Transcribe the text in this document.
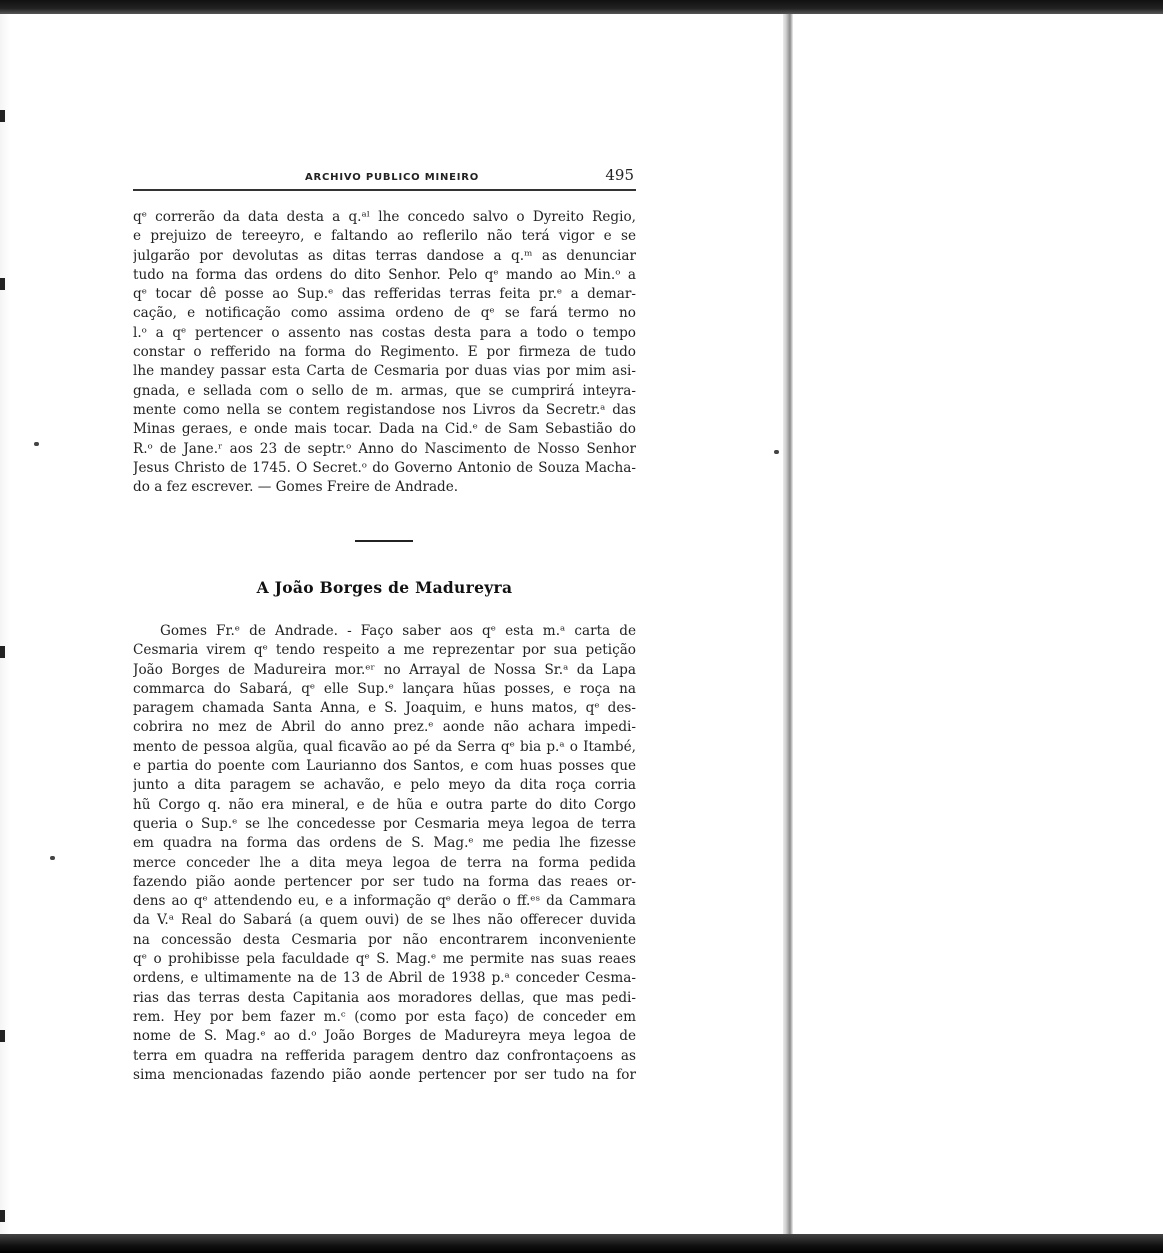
ARCHIVO PUBLICO MINEIRO	495
qᵉ correrão da data desta a q.ᵃˡ lhe concedo salvo o Dyreito Regio,
e prejuizo de tereeyro, e faltando ao reflerilo não terá vigor e se
julgarão por devolutas as ditas terras dandose a q.ᵐ as denunciar
tudo na forma das ordens do dito Senhor. Pelo qᵉ mando ao Min.ᵒ a
qᵉ tocar dê posse ao Sup.ᵉ das refferidas terras feita pr.ᵉ a demar-
cação, e notificação como assima ordeno de qᵉ se fará termo no
l.ᵒ a qᵉ pertencer o assento nas costas desta para a todo o tempo
constar o refferido na forma do Regimento. E por firmeza de tudo
lhe mandey passar esta Carta de Cesmaria por duas vias por mim asi-
gnada, e sellada com o sello de m. armas, que se cumprirá inteyra-
mente como nella se contem registandose nos Livros da Secretr.ᵃ das
Minas geraes, e onde mais tocar. Dada na Cid.ᵉ de Sam Sebastião do
R.ᵒ de Jane.ʳ aos 23 de septr.ᵒ Anno do Nascimento de Nosso Senhor
Jesus Christo de 1745. O Secret.ᵒ do Governo Antonio de Souza Macha-
do a fez escrever. — Gomes Freire de Andrade.
A João Borges de Madureyra
Gomes Fr.ᵉ de Andrade. - Faço saber aos qᵉ esta m.ᵃ carta de
Cesmaria virem qᵉ tendo respeito a me reprezentar por sua petição
João Borges de Madureira mor.ᵉʳ no Arrayal de Nossa Sr.ᵃ da Lapa
commarca do Sabará, qᵉ elle Sup.ᵉ lançara hũas posses, e roça na
paragem chamada Santa Anna, e S. Joaquim, e huns matos, qᵉ des-
cobrira no mez de Abril do anno prez.ᵉ aonde não achara impedi-
mento de pessoa algũa, qual ficavão ao pé da Serra qᵉ bia p.ᵃ o Itambé,
e partia do poente com Laurianno dos Santos, e com huas posses que
junto a dita paragem se achavão, e pelo meyo da dita roça corria
hũ Corgo q. não era mineral, e de hũa e outra parte do dito Corgo
queria o Sup.ᵉ se lhe concedesse por Cesmaria meya legoa de terra
em quadra na forma das ordens de S. Mag.ᵉ me pedia lhe fizesse
merce conceder lhe a dita meya legoa de terra na forma pedida
fazendo pião aonde pertencer por ser tudo na forma das reaes or-
dens ao qᵉ attendendo eu, e a informação qᵉ derão o ff.ᵉˢ da Cammara
da V.ᵃ Real do Sabará (a quem ouvi) de se lhes não offerecer duvida
na concessão desta Cesmaria por não encontrarem inconveniente
qᵉ o prohibisse pela faculdade qᵉ S. Mag.ᵉ me permite nas suas reaes
ordens, e ultimamente na de 13 de Abril de 1938 p.ᵃ conceder Cesma-
rias das terras desta Capitania aos moradores dellas, que mas pedi-
rem. Hey por bem fazer m.ᶜ (como por esta faço) de conceder em
nome de S. Mag.ᵉ ao d.ᵒ João Borges de Madureyra meya legoa de
terra em quadra na refferida paragem dentro daz confrontaçoens as
sima mencionadas fazendo pião aonde pertencer por ser tudo na for
